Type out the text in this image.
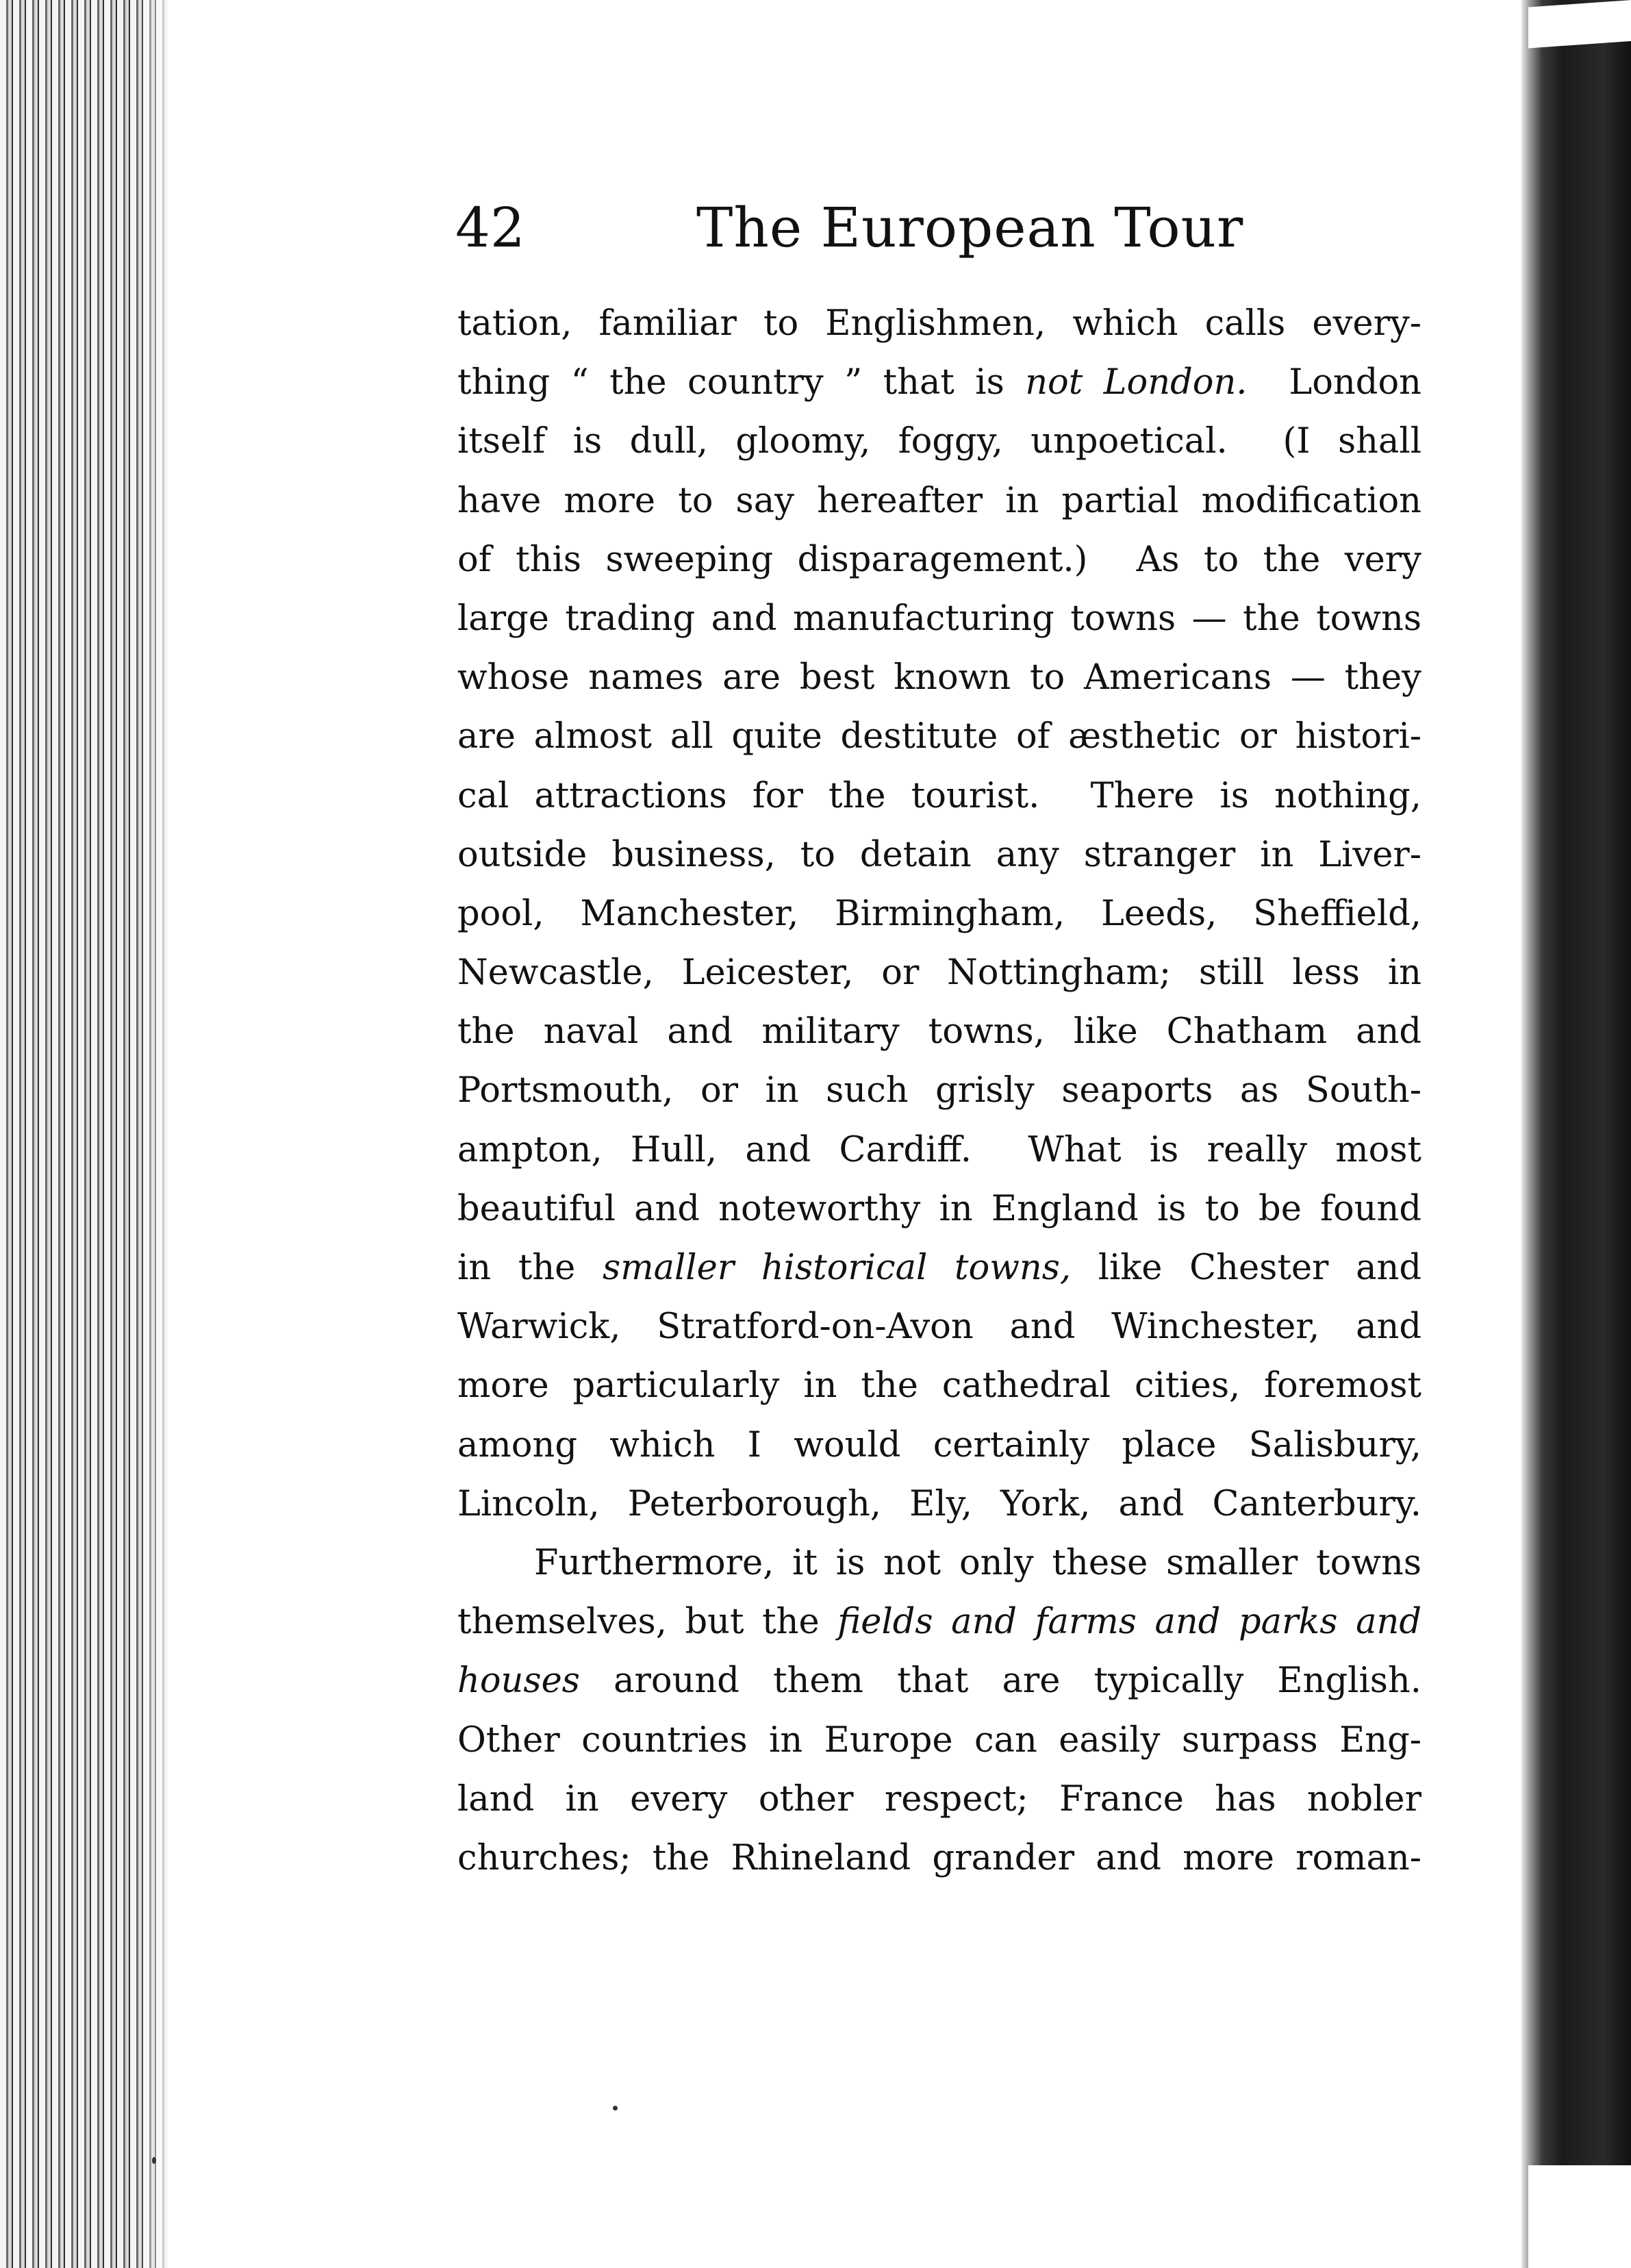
42	The European Tour
tation, familiar to Englishmen, which calls every-
thing “ the country ” that is not London.  London
itself is dull, gloomy, foggy, unpoetical.  (I shall
have more to say hereafter in partial modification
of this sweeping disparagement.)  As to the very
large trading and manufacturing towns — the towns
whose names are best known to Americans — they
are almost all quite destitute of æsthetic or histori-
cal attractions for the tourist.  There is nothing,
outside business, to detain any stranger in Liver-
pool, Manchester, Birmingham, Leeds, Sheffield,
Newcastle, Leicester, or Nottingham; still less in
the naval and military towns, like Chatham and
Portsmouth, or in such grisly seaports as South-
ampton, Hull, and Cardiff.  What is really most
beautiful and noteworthy in England is to be found
in the smaller historical towns, like Chester and
Warwick, Stratford-on-Avon and Winchester, and
more particularly in the cathedral cities, foremost
among which I would certainly place Salisbury,
Lincoln, Peterborough, Ely, York, and Canterbury.
Furthermore, it is not only these smaller towns
themselves, but the fields and farms and parks and
houses around them that are typically English.
Other countries in Europe can easily surpass Eng-
land in every other respect; France has nobler
churches; the Rhineland grander and more roman-
